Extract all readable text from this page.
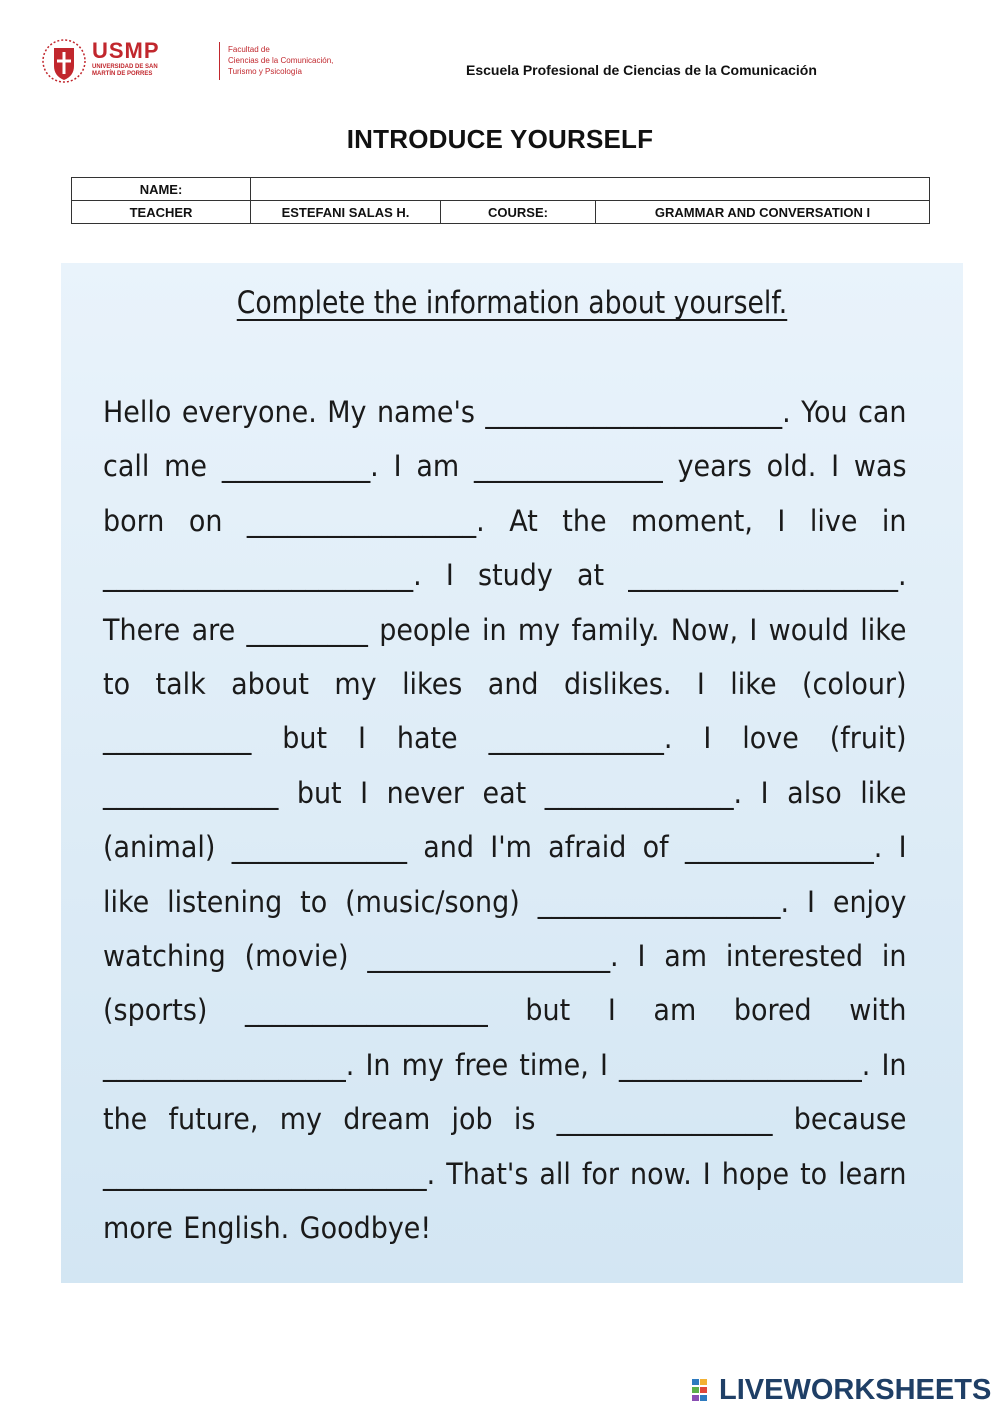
USMP
UNIVERSIDAD DE SAN MARTÍN DE PORRES
Facultad de
Ciencias de la Comunicación,
Turismo y Psicología	Escuela Profesional de Ciencias de la Comunicación
INTRODUCE YOURSELF
NAME:			
TEACHER	ESTEFANI SALAS H.	COURSE:	GRAMMAR AND CONVERSATION I
Complete the information about yourself.
Hello everyone. My name's ______________________. You can call me ___________. I am ______________ years old. I was born on _________________. At the moment, I live in _______________________. I study at ____________________. There are _________ people in my family. Now, I would like to talk about my likes and dislikes. I like (colour) ___________ but I hate _____________. I love (fruit) _____________ but I never eat ______________. I also like (animal) _____________ and I'm afraid of ______________. I like listening to (music/song) __________________. I enjoy watching (movie) __________________. I am interested in (sports) __________________ but I am bored with __________________. In my free time, I __________________. In the future, my dream job is ________________ because ________________________. That's all for now. I hope to learn more English. Goodbye!
LIVEWORKSHEETS
